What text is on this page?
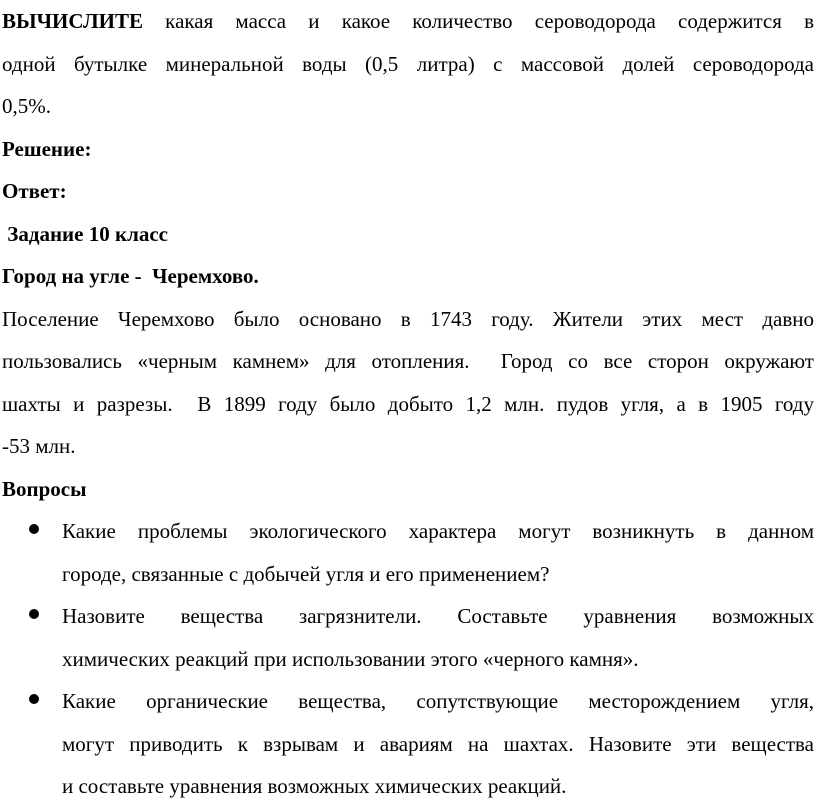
ВЫЧИСЛИТЕ какая масса и какое количество сероводорода содержится в
одной бутылке минеральной воды (0,5 литра) с массовой долей сероводорода
0,5%.
Решение:
Ответ:
Задание 10 класс
Город на угле -  Черемхово.
Поселение Черемхово было основано в 1743 году. Жители этих мест давно
пользовались «черным камнем» для отопления.  Город со все сторон окружают
шахты и разрезы.  В 1899 году было добыто 1,2 млн. пудов угля, а в 1905 году
-53 млн.
Вопросы
Какие проблемы экологического характера могут возникнуть в данном
городе, связанные с добычей угля и его применением?
Назовите вещества загрязнители. Составьте уравнения возможных
химических реакций при использовании этого «черного камня».
Какие органические вещества, сопутствующие месторождением угля,
могут приводить к взрывам и авариям на шахтах. Назовите эти вещества
и составьте уравнения возможных химических реакций.
